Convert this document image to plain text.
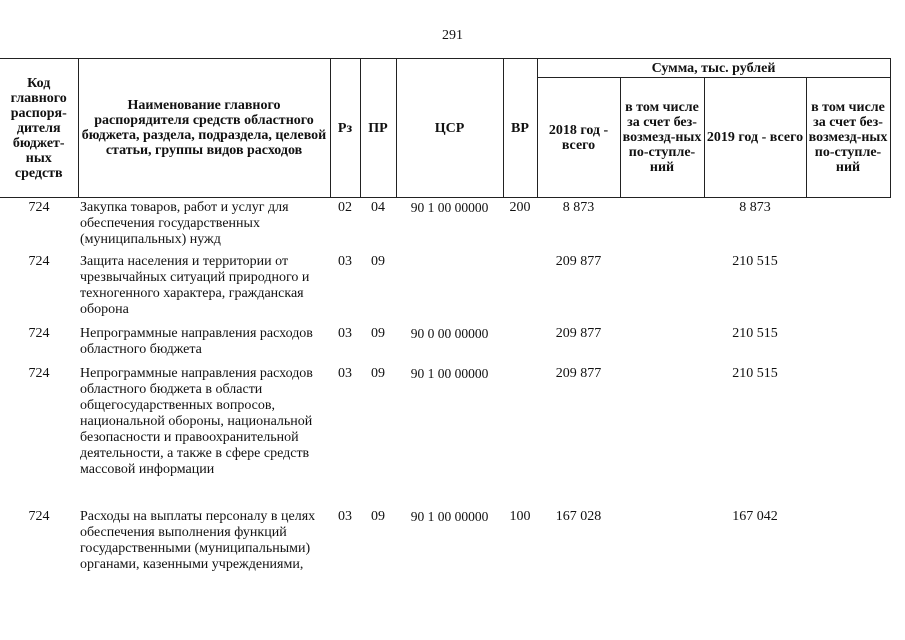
291
Код главного распоря-дителя бюджет-ных средств	Наименование главного распорядителя средств областного бюджета, раздела, подраздела, целевой статьи, группы видов расходов	Рз	ПР	ЦСР	ВР	Сумма, тыс. рублей			
						2018 год - всего	в том числе за счет без-возмезд-ных по-ступле-ний	2019 год - всего	в том числе за счет без-возмезд-ных по-ступле-ний
724	Закупка товаров, работ и услуг для обеспечения государственных (муниципальных) нужд	02	04	90 1 00 00000	200	8 873		8 873	
724	Защита населения и территории от чрезвычайных ситуаций природного и техногенного характера, гражданская оборона	03	09			209 877		210 515	
724	Непрограммные направления расходов областного бюджета	03	09	90 0 00 00000		209 877		210 515	
724	Непрограммные направления расходов областного бюджета в области общегосударственных вопросов, национальной обороны, национальной безопасности и правоохранительной деятельности, а также в сфере средств массовой информации	03	09	90 1 00 00000		209 877		210 515	
724	Расходы на выплаты персоналу в целях обеспечения выполнения функций государственными (муниципальными) органами, казенными учреждениями,	03	09	90 1 00 00000	100	167 028		167 042	
